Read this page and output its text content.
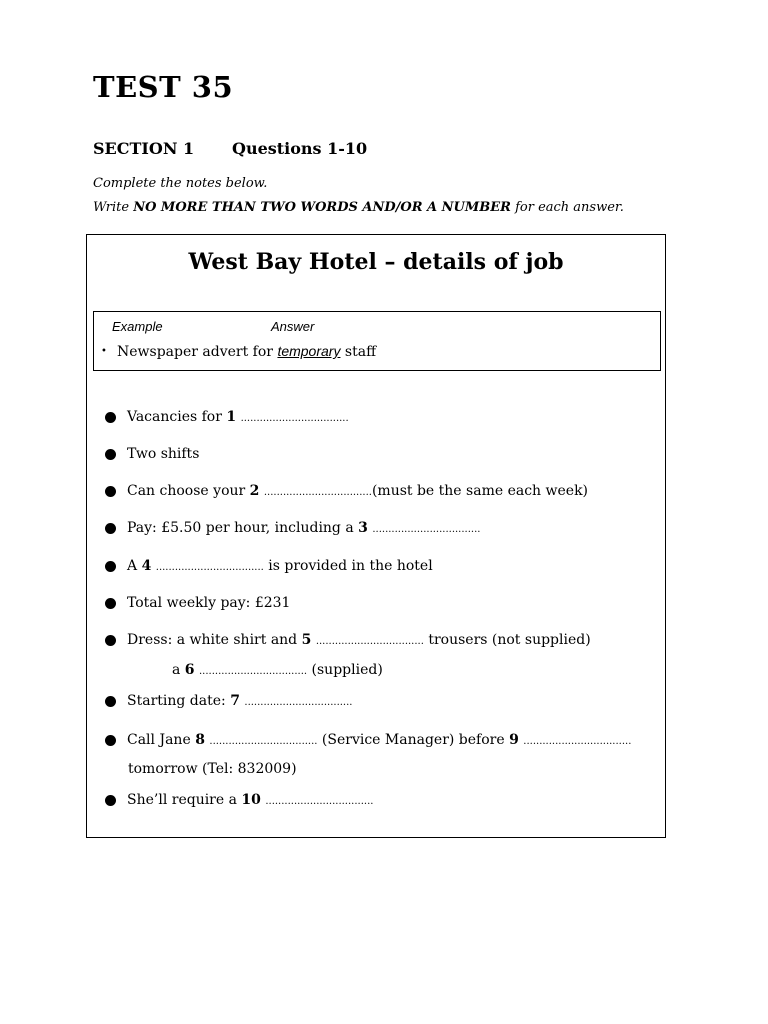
TEST 35
SECTION 1 Questions 1-10
Complete the notes below.
Write NO MORE THAN TWO WORDS AND/OR A NUMBER for each answer.
West Bay Hotel – details of job
Example	Answer
• Newspaper advert for temporary staff
Vacancies for 1 ..................................
Two shifts
Can choose your 2 ..................................(must be the same each week)
Pay: £5.50 per hour, including a 3 ..................................
A 4 .................................. is provided in the hotel
Total weekly pay: £231
Dress: a white shirt and 5 .................................. trousers (not supplied)
a 6 .................................. (supplied)
Starting date: 7 ..................................
Call Jane 8 .................................. (Service Manager) before 9 ..................................
tomorrow (Tel: 832009)
She’ll require a 10 ..................................
